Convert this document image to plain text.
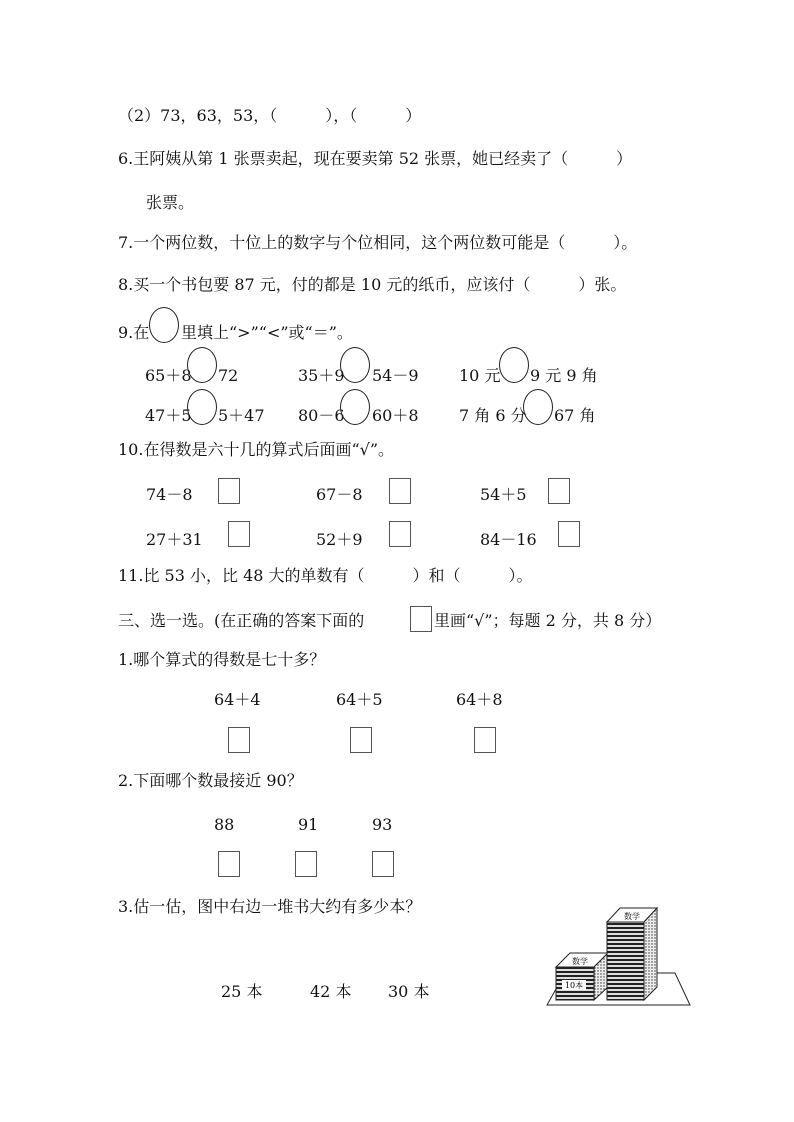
（2）73，63，53，（　　　），（　　　）
6.王阿姨从第 1 张票卖起，现在要卖第 52 张票，她已经卖了（　　　）
张票。
7.一个两位数，十位上的数字与个位相同，这个两位数可能是（　　　）。
8.买一个书包要 87 元，付的都是 10 元的纸币，应该付（　　　）张。
9.在 里填上“>”“<”或“＝”。
65＋8 72	35＋9 54－9	10 元 9 元 9 角
47＋5 5＋47 80－6 60＋8	7 角 6 分 67 角
10.在得数是六十几的算式后面画“√”。
74－8	67－8	54＋5
27＋31	52＋9	84－16
11.比 53 小，比 48 大的单数有（　　　）和（　　　）。
三、选一选。(在正确的答案下面的	里画“√”；每题 2 分，共 8 分）
1.哪个算式的得数是七十多？
64＋4	64＋5	64＋8
2.下面哪个数最接近 90？
88	91	93
3.估一估，图中右边一堆书大约有多少本？
25 本	42 本 30 本	10本
数学
数学
